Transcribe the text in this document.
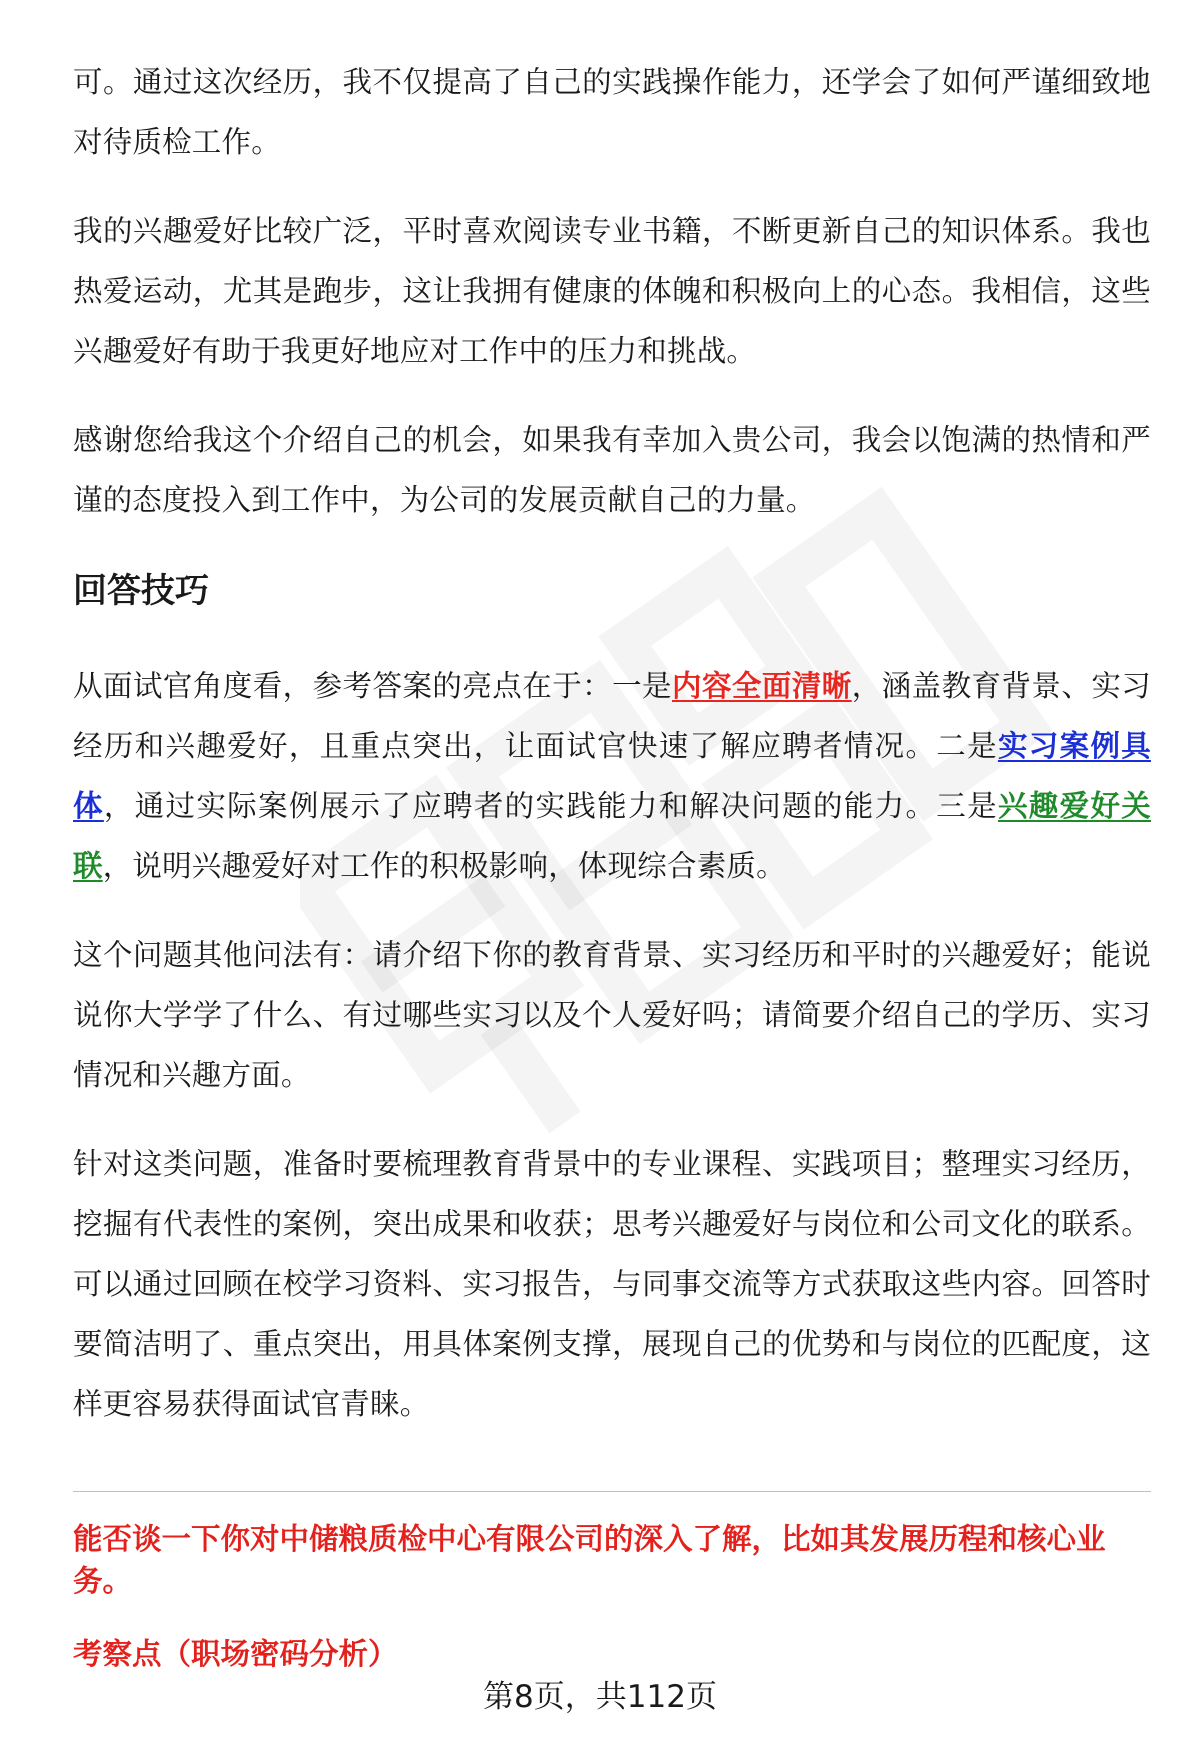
可。通过这次经历，我不仅提高了自己的实践操作能力，还学会了如何严谨细致地对待质检工作。

我的兴趣爱好比较广泛，平时喜欢阅读专业书籍，不断更新自己的知识体系。我也热爱运动，尤其是跑步，这让我拥有健康的体魄和积极向上的心态。我相信，这些兴趣爱好有助于我更好地应对工作中的压力和挑战。

感谢您给我这个介绍自己的机会，如果我有幸加入贵公司，我会以饱满的热情和严谨的态度投入到工作中，为公司的发展贡献自己的力量。

回答技巧

从面试官角度看，参考答案的亮点在于：一是内容全面清晰，涵盖教育背景、实习经历和兴趣爱好，且重点突出，让面试官快速了解应聘者情况。二是实习案例具体，通过实际案例展示了应聘者的实践能力和解决问题的能力。三是兴趣爱好关联，说明兴趣爱好对工作的积极影响，体现综合素质。

这个问题其他问法有：请介绍下你的教育背景、实习经历和平时的兴趣爱好；能说说你大学学了什么、有过哪些实习以及个人爱好吗；请简要介绍自己的学历、实习情况和兴趣方面。

针对这类问题，准备时要梳理教育背景中的专业课程、实践项目；整理实习经历，挖掘有代表性的案例，突出成果和收获；思考兴趣爱好与岗位和公司文化的联系。可以通过回顾在校学习资料、实习报告，与同事交流等方式获取这些内容。回答时要简洁明了、重点突出，用具体案例支撑，展现自己的优势和与岗位的匹配度，这样更容易获得面试官青睐。

能否谈一下你对中储粮质检中心有限公司的深入了解，比如其发展历程和核心业务。
考察点（职场密码分析）
第8页，共112页
